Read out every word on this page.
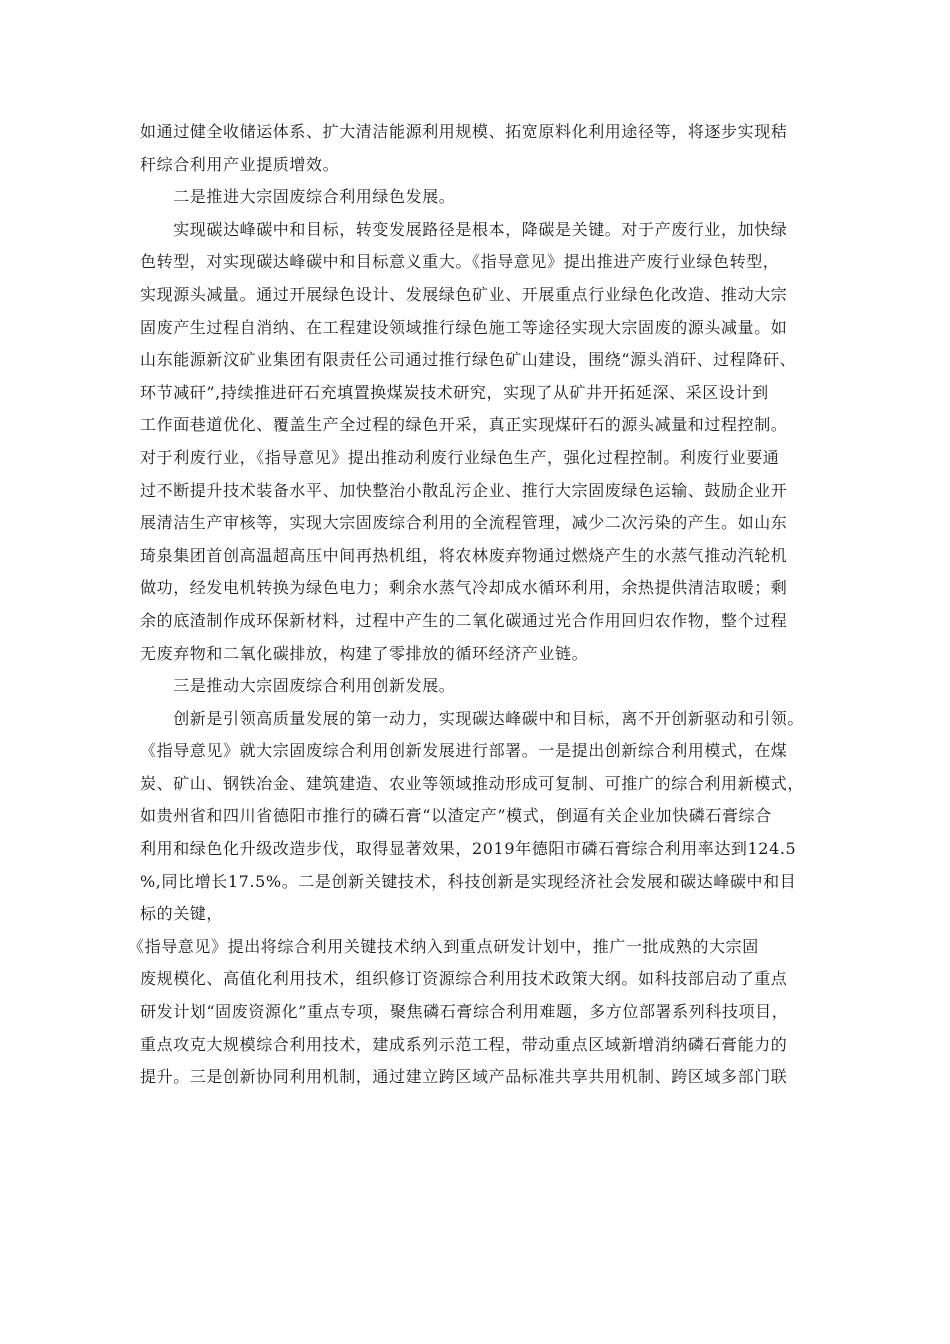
如通过健全收储运体系、扩大清洁能源利用规模、拓宽原料化利用途径等，将逐步实现秸
秆综合利用产业提质增效。
　　二是推进大宗固废综合利用绿色发展。
　　实现碳达峰碳中和目标，转变发展路径是根本，降碳是关键。对于产废行业，加快绿
色转型，对实现碳达峰碳中和目标意义重大。《指导意见》提出推进产废行业绿色转型，
实现源头减量。通过开展绿色设计、发展绿色矿业、开展重点行业绿色化改造、推动大宗
固废产生过程自消纳、在工程建设领域推行绿色施工等途径实现大宗固废的源头减量。如
山东能源新汶矿业集团有限责任公司通过推行绿色矿山建设，围绕“源头消矸、过程降矸、
环节减矸”,持续推进矸石充填置换煤炭技术研究，实现了从矿井开拓延深、采区设计到
工作面巷道优化、覆盖生产全过程的绿色开采，真正实现煤矸石的源头减量和过程控制。
对于利废行业，《指导意见》提出推动利废行业绿色生产，强化过程控制。利废行业要通
过不断提升技术装备水平、加快整治小散乱污企业、推行大宗固废绿色运输、鼓励企业开
展清洁生产审核等，实现大宗固废综合利用的全流程管理，减少二次污染的产生。如山东
琦泉集团首创高温超高压中间再热机组，将农林废弃物通过燃烧产生的水蒸气推动汽轮机
做功，经发电机转换为绿色电力；剩余水蒸气冷却成水循环利用，余热提供清洁取暖；剩
余的底渣制作成环保新材料，过程中产生的二氧化碳通过光合作用回归农作物，整个过程
无废弃物和二氧化碳排放，构建了零排放的循环经济产业链。
　　三是推动大宗固废综合利用创新发展。
　　创新是引领高质量发展的第一动力，实现碳达峰碳中和目标，离不开创新驱动和引领。
《指导意见》就大宗固废综合利用创新发展进行部署。一是提出创新综合利用模式，在煤
炭、矿山、钢铁冶金、建筑建造、农业等领域推动形成可复制、可推广的综合利用新模式，
如贵州省和四川省德阳市推行的磷石膏“以渣定产”模式，倒逼有关企业加快磷石膏综合
利用和绿色化升级改造步伐，取得显著效果，2019年德阳市磷石膏综合利用率达到124.5
%,同比增长17.5%。二是创新关键技术，科技创新是实现经济社会发展和碳达峰碳中和目
标的关键，
《指导意见》提出将综合利用关键技术纳入到重点研发计划中，推广一批成熟的大宗固
废规模化、高值化利用技术，组织修订资源综合利用技术政策大纲。如科技部启动了重点
研发计划“固废资源化”重点专项，聚焦磷石膏综合利用难题，多方位部署系列科技项目，
重点攻克大规模综合利用技术，建成系列示范工程，带动重点区域新增消纳磷石膏能力的
提升。三是创新协同利用机制，通过建立跨区域产品标准共享共用机制、跨区域多部门联
